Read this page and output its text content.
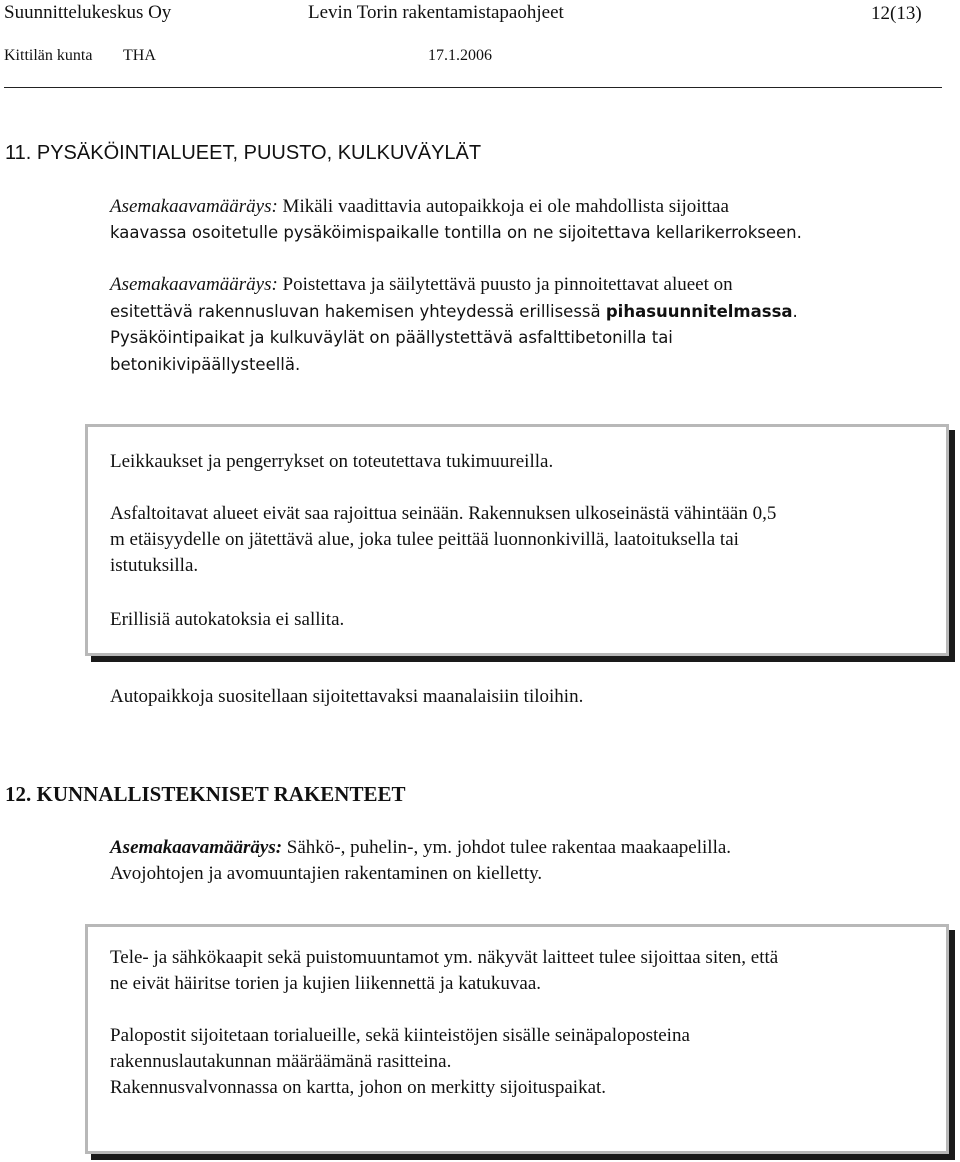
Suunnittelukeskus Oy	Levin Torin rakentamistapaohjeet	12(13)
Kittilän kunta THA	17.1.2006
11. PYSÄKÖINTIALUEET, PUUSTO, KULKUVÄYLÄT

Asemakaavamääräys: Mikäli vaadittavia autopaikkoja ei ole mahdollista sijoittaa
kaavassa osoitetulle pysäköimispaikalle tontilla on ne sijoitettava kellarikerrokseen.

Asemakaavamääräys: Poistettava ja säilytettävä puusto ja pinnoitettavat alueet on
esitettävä rakennusluvan hakemisen yhteydessä erillisessä pihasuunnitelmassa.
Pysäköintipaikat ja kulkuväylät on päällystettävä asfalttibetonilla tai
betonikivipäällysteellä.

Leikkaukset ja pengerrykset on toteutettava tukimuureilla.

Asfaltoitavat alueet eivät saa rajoittua seinään. Rakennuksen ulkoseinästä vähintään 0,5
m etäisyydelle on jätettävä alue, joka tulee peittää luonnonkivillä, laatoituksella tai
istutuksilla.

Erillisiä autokatoksia ei sallita.

Autopaikkoja suositellaan sijoitettavaksi maanalaisiin tiloihin.

12. KUNNALLISTEKNISET RAKENTEET

Asemakaavamääräys: Sähkö-, puhelin-, ym. johdot tulee rakentaa maakaapelilla.
Avojohtojen ja avomuuntajien rakentaminen on kielletty.

Tele- ja sähkökaapit sekä puistomuuntamot ym. näkyvät laitteet tulee sijoittaa siten, että
ne eivät häiritse torien ja kujien liikennettä ja katukuvaa.

Palopostit sijoitetaan torialueille, sekä kiinteistöjen sisälle seinäpaloposteina
rakennuslautakunnan määräämänä rasitteina.
Rakennusvalvonnassa on kartta, johon on merkitty sijoituspaikat.
